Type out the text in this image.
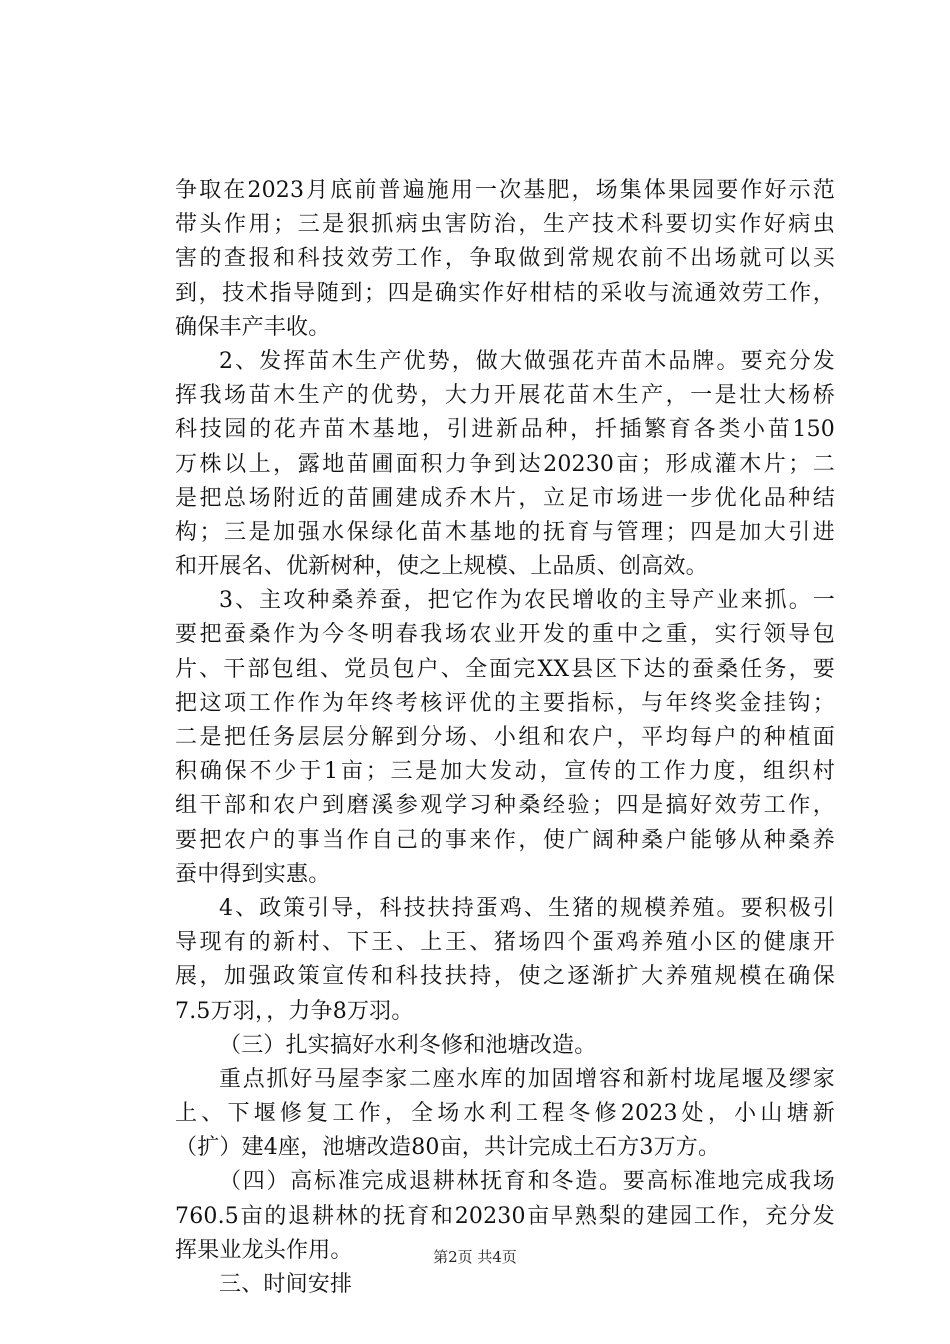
争取在2023月底前普遍施用一次基肥，场集体果园要作好示范
带头作用；三是狠抓病虫害防治，生产技术科要切实作好病虫
害的查报和科技效劳工作，争取做到常规农前不出场就可以买
到，技术指导随到；四是确实作好柑桔的采收与流通效劳工作，
确保丰产丰收。
2、发挥苗木生产优势，做大做强花卉苗木品牌。要充分发
挥我场苗木生产的优势，大力开展花苗木生产，一是壮大杨桥
科技园的花卉苗木基地，引进新品种，扦插繁育各类小苗150
万株以上，露地苗圃面积力争到达20230亩；形成灌木片；二
是把总场附近的苗圃建成乔木片，立足市场进一步优化品种结
构；三是加强水保绿化苗木基地的抚育与管理；四是加大引进
和开展名、优新树种，使之上规模、上品质、创高效。
3、主攻种桑养蚕，把它作为农民增收的主导产业来抓。一
要把蚕桑作为今冬明春我场农业开发的重中之重，实行领导包
片、干部包组、党员包户、全面完XX县区下达的蚕桑任务，要
把这项工作作为年终考核评优的主要指标，与年终奖金挂钩；
二是把任务层层分解到分场、小组和农户，平均每户的种植面
积确保不少于1亩；三是加大发动，宣传的工作力度，组织村
组干部和农户到磨溪参观学习种桑经验；四是搞好效劳工作，
要把农户的事当作自己的事来作，使广阔种桑户能够从种桑养
蚕中得到实惠。
4、政策引导，科技扶持蛋鸡、生猪的规模养殖。要积极引
导现有的新村、下王、上王、猪场四个蛋鸡养殖小区的健康开
展，加强政策宣传和科技扶持，使之逐渐扩大养殖规模在确保
7.5万羽，，力争8万羽。
（三）扎实搞好水利冬修和池塘改造。
重点抓好马屋李家二座水库的加固增容和新村垅尾堰及缪家
上、下堰修复工作，全场水利工程冬修2023处，小山塘新
（扩）建4座，池塘改造80亩，共计完成土石方3万方。
（四）高标准完成退耕林抚育和冬造。要高标准地完成我场
760.5亩的退耕林的抚育和20230亩早熟梨的建园工作，充分发
挥果业龙头作用。
三、时间安排
第2页 共4页
